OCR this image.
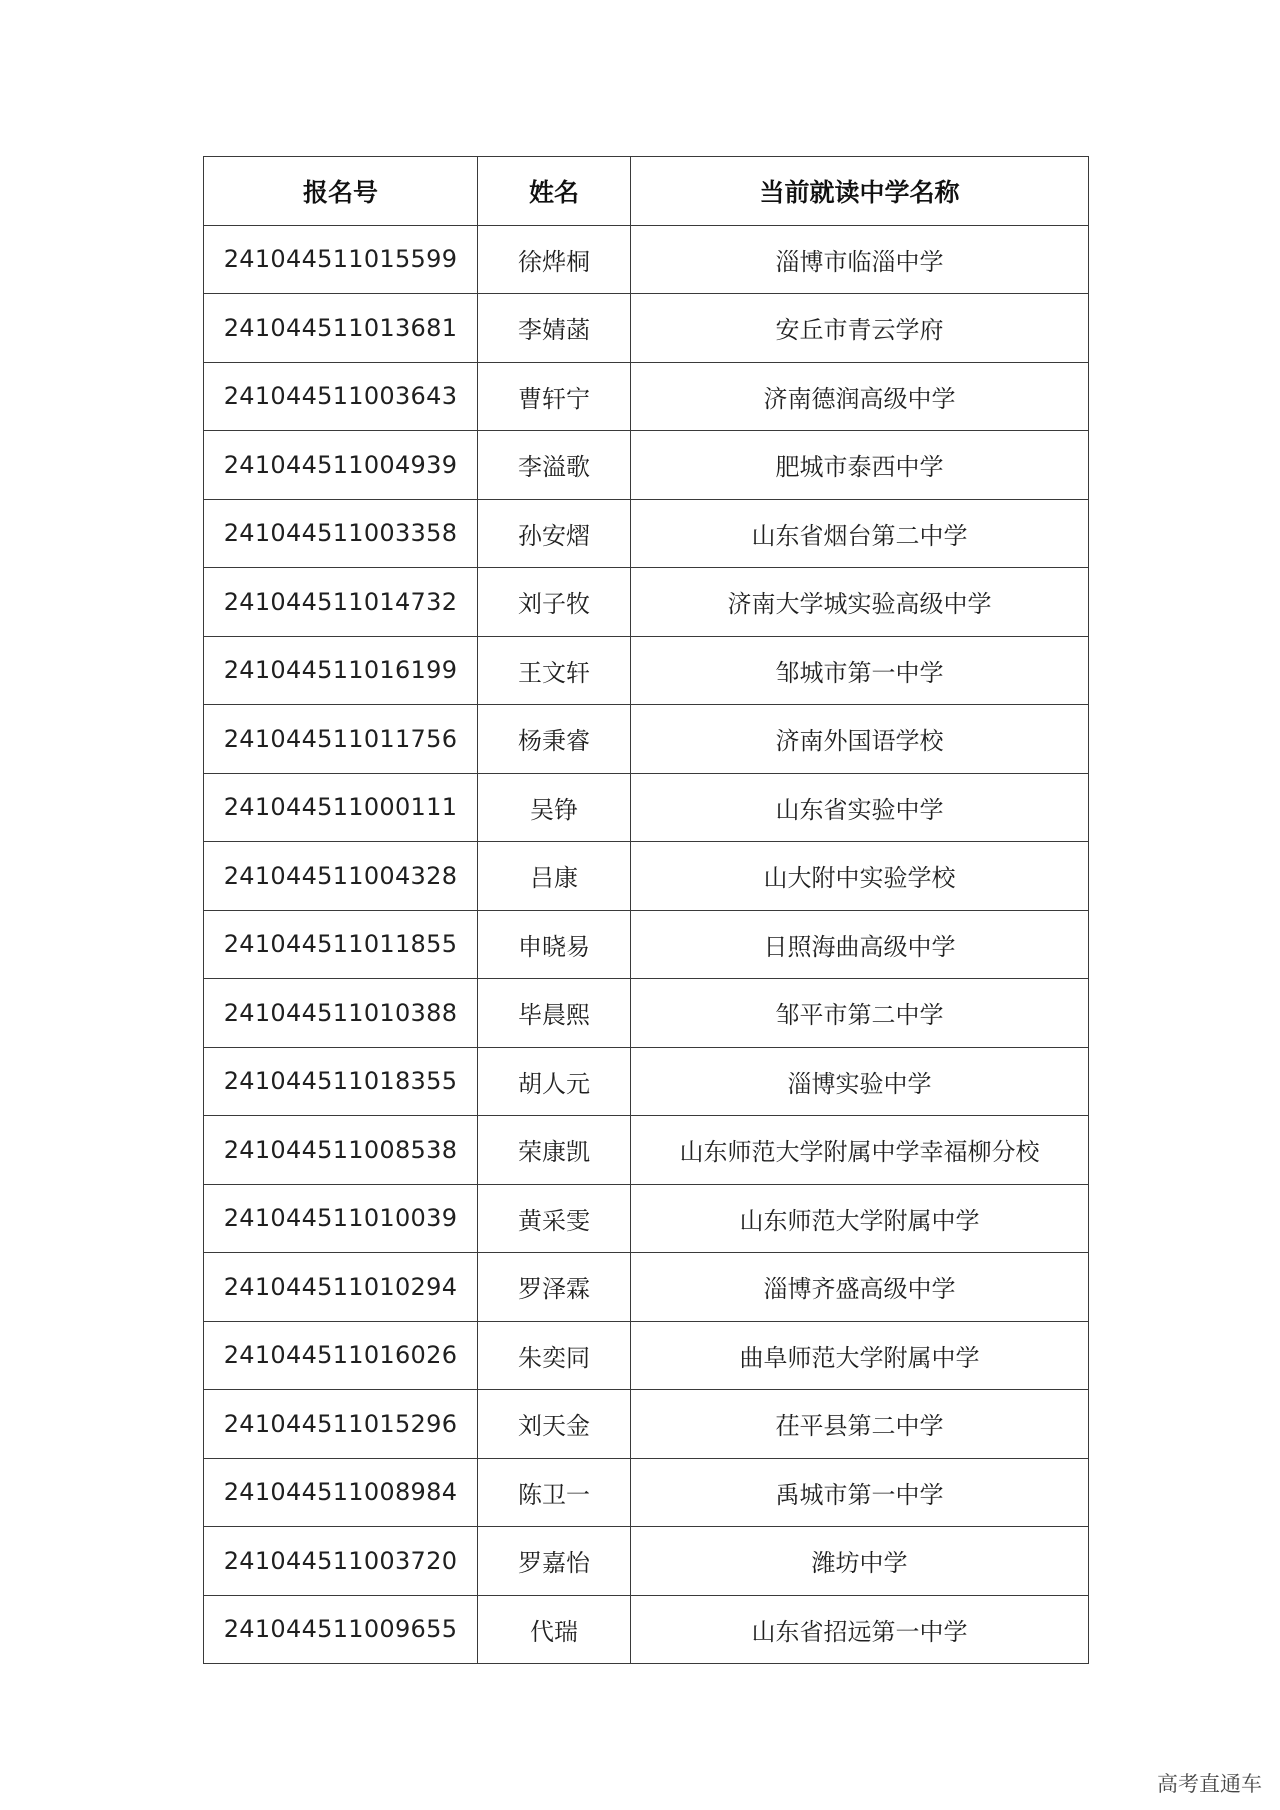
报名号	姓名	当前就读中学名称
241044511015599	徐烨桐	淄博市临淄中学
241044511013681	李婧菡	安丘市青云学府
241044511003643	曹轩宁	济南德润高级中学
241044511004939	李溢歌	肥城市泰西中学
241044511003358	孙安熠	山东省烟台第二中学
241044511014732	刘子牧	济南大学城实验高级中学
241044511016199	王文轩	邹城市第一中学
241044511011756	杨秉睿	济南外国语学校
241044511000111	吴铮	山东省实验中学
241044511004328	吕康	山大附中实验学校
241044511011855	申晓易	日照海曲高级中学
241044511010388	毕晨熙	邹平市第二中学
241044511018355	胡人元	淄博实验中学
241044511008538	荣康凯	山东师范大学附属中学幸福柳分校
241044511010039	黄采雯	山东师范大学附属中学
241044511010294	罗泽霖	淄博齐盛高级中学
241044511016026	朱奕同	曲阜师范大学附属中学
241044511015296	刘天金	茌平县第二中学
241044511008984	陈卫一	禹城市第一中学
241044511003720	罗嘉怡	潍坊中学
241044511009655	代瑞	山东省招远第一中学
高考直通车
